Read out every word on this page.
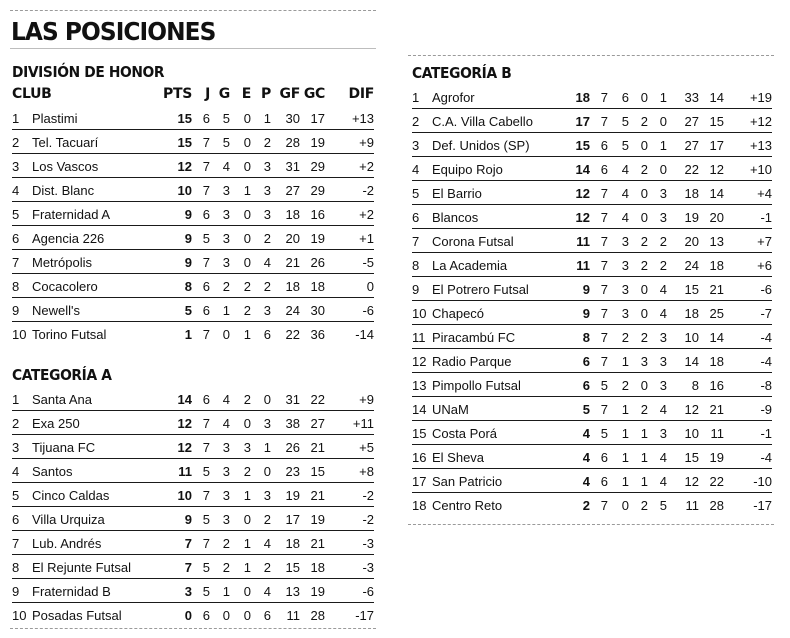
LAS POSICIONES
DIVISIÓN DE HONOR
CLUB		PTS	J	G	E	P	GF	GC	DIF
1	Plastimi	15	6	5	0	1	30	17	+13
2	Tel. Tacuarí	15	7	5	0	2	28	19	+9
3	Los Vascos	12	7	4	0	3	31	29	+2
4	Dist. Blanc	10	7	3	1	3	27	29	-2
5	Fraternidad A	9	6	3	0	3	18	16	+2
6	Agencia 226	9	5	3	0	2	20	19	+1
7	Metrópolis	9	7	3	0	4	21	26	-5
8	Cocacolero	8	6	2	2	2	18	18	0
9	Newell's	5	6	1	2	3	24	30	-6
10	Torino Futsal	1	7	0	1	6	22	36	-14
CATEGORÍA A
1	Santa Ana	14	6	4	2	0	31	22	+9
2	Exa 250	12	7	4	0	3	38	27	+11
3	Tijuana FC	12	7	3	3	1	26	21	+5
4	Santos	11	5	3	2	0	23	15	+8
5	Cinco Caldas	10	7	3	1	3	19	21	-2
6	Villa Urquiza	9	5	3	0	2	17	19	-2
7	Lub. Andrés	7	7	2	1	4	18	21	-3
8	El Rejunte Futsal	7	5	2	1	2	15	18	-3
9	Fraternidad B	3	5	1	0	4	13	19	-6
10	Posadas Futsal	0	6	0	0	6	11	28	-17
CATEGORÍA B
1	Agrofor	18	7	6	0	1	33	14	+19
2	C.A. Villa Cabello	17	7	5	2	0	27	15	+12
3	Def. Unidos (SP)	15	6	5	0	1	27	17	+13
4	Equipo Rojo	14	6	4	2	0	22	12	+10
5	El Barrio	12	7	4	0	3	18	14	+4
6	Blancos	12	7	4	0	3	19	20	-1
7	Corona Futsal	11	7	3	2	2	20	13	+7
8	La Academia	11	7	3	2	2	24	18	+6
9	El Potrero Futsal	9	7	3	0	4	15	21	-6
10	Chapecó	9	7	3	0	4	18	25	-7
11	Piracambú FC	8	7	2	2	3	10	14	-4
12	Radio Parque	6	7	1	3	3	14	18	-4
13	Pimpollo Futsal	6	5	2	0	3	8	16	-8
14	UNaM	5	7	1	2	4	12	21	-9
15	Costa Porá	4	5	1	1	3	10	11	-1
16	El Sheva	4	6	1	1	4	15	19	-4
17	San Patricio	4	6	1	1	4	12	22	-10
18	Centro Reto	2	7	0	2	5	11	28	-17
